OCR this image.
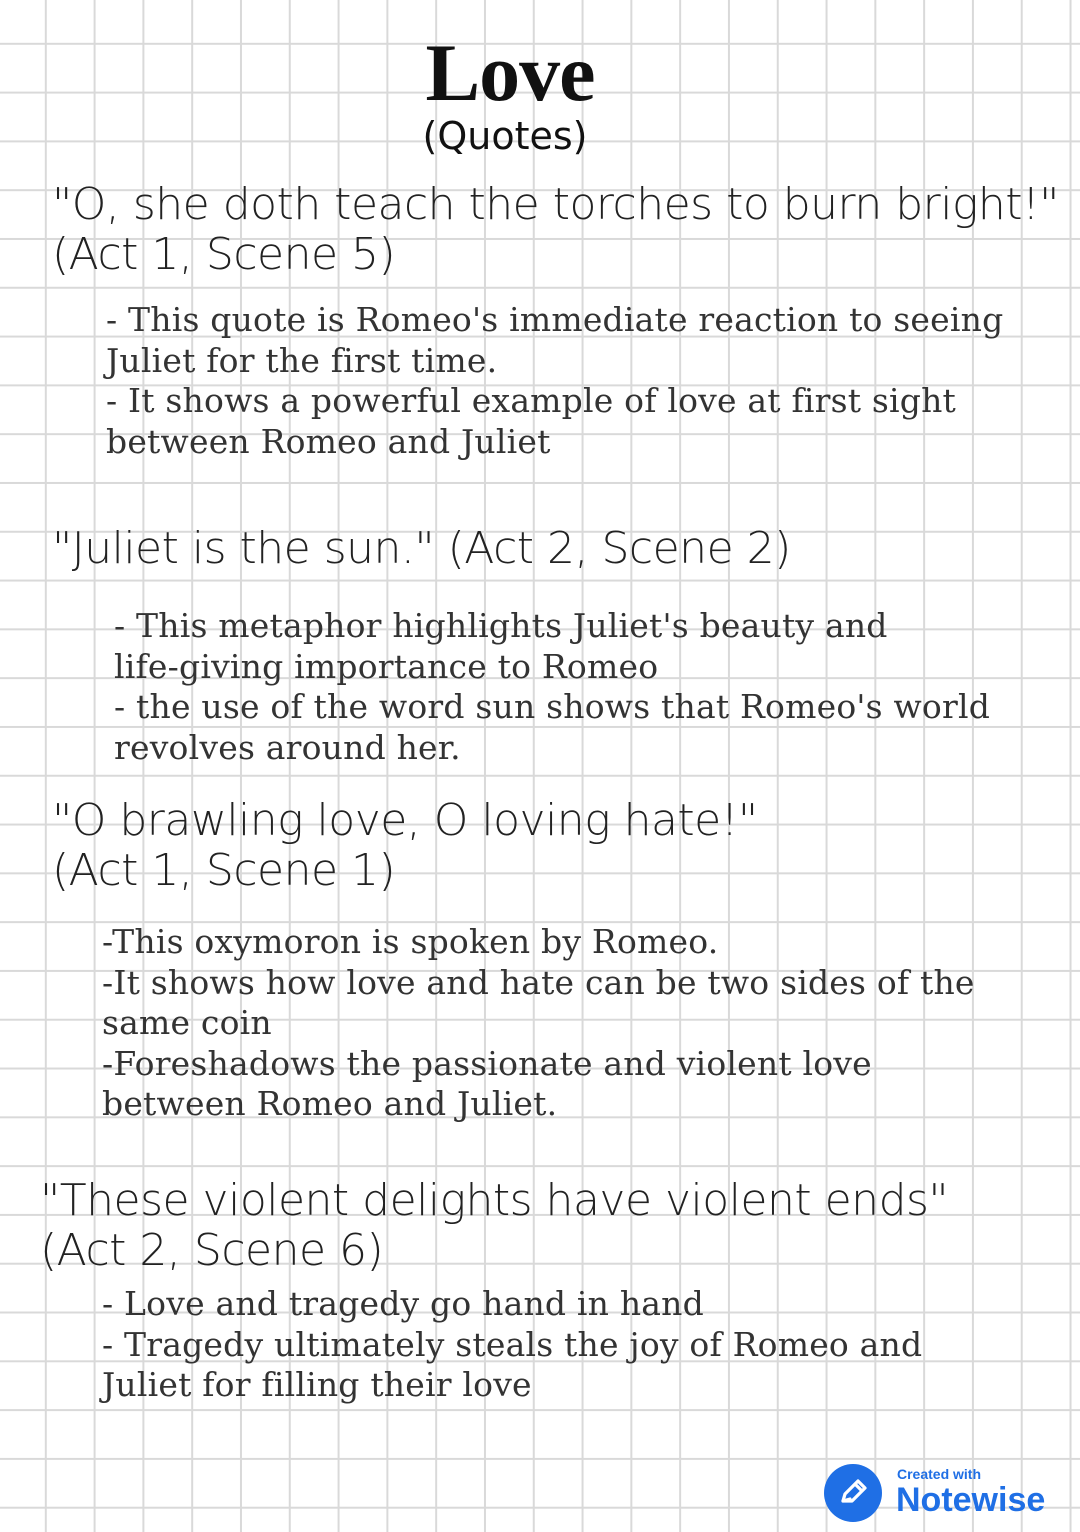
Love
(Quotes)
"O, she doth teach the torches to burn bright!"
(Act 1, Scene 5)
- This quote is Romeo's immediate reaction to seeing
Juliet for the first time.
- It shows a powerful example of love at first sight
between Romeo and Juliet
"Juliet is the sun." (Act 2, Scene 2)
- This metaphor highlights Juliet's beauty and
life-giving importance to Romeo
- the use of the word sun shows that Romeo's world
revolves around her.
"O brawling love, O loving hate!"
(Act 1, Scene 1)
-This oxymoron is spoken by Romeo.
-It shows how love and hate can be two sides of the
same coin
-Foreshadows the passionate and violent love
between Romeo and Juliet.
"These violent delights have violent ends"
(Act 2, Scene 6)
- Love and tragedy go hand in hand
- Tragedy ultimately steals the joy of Romeo and
Juliet for filling their love
Created with
Notewise
